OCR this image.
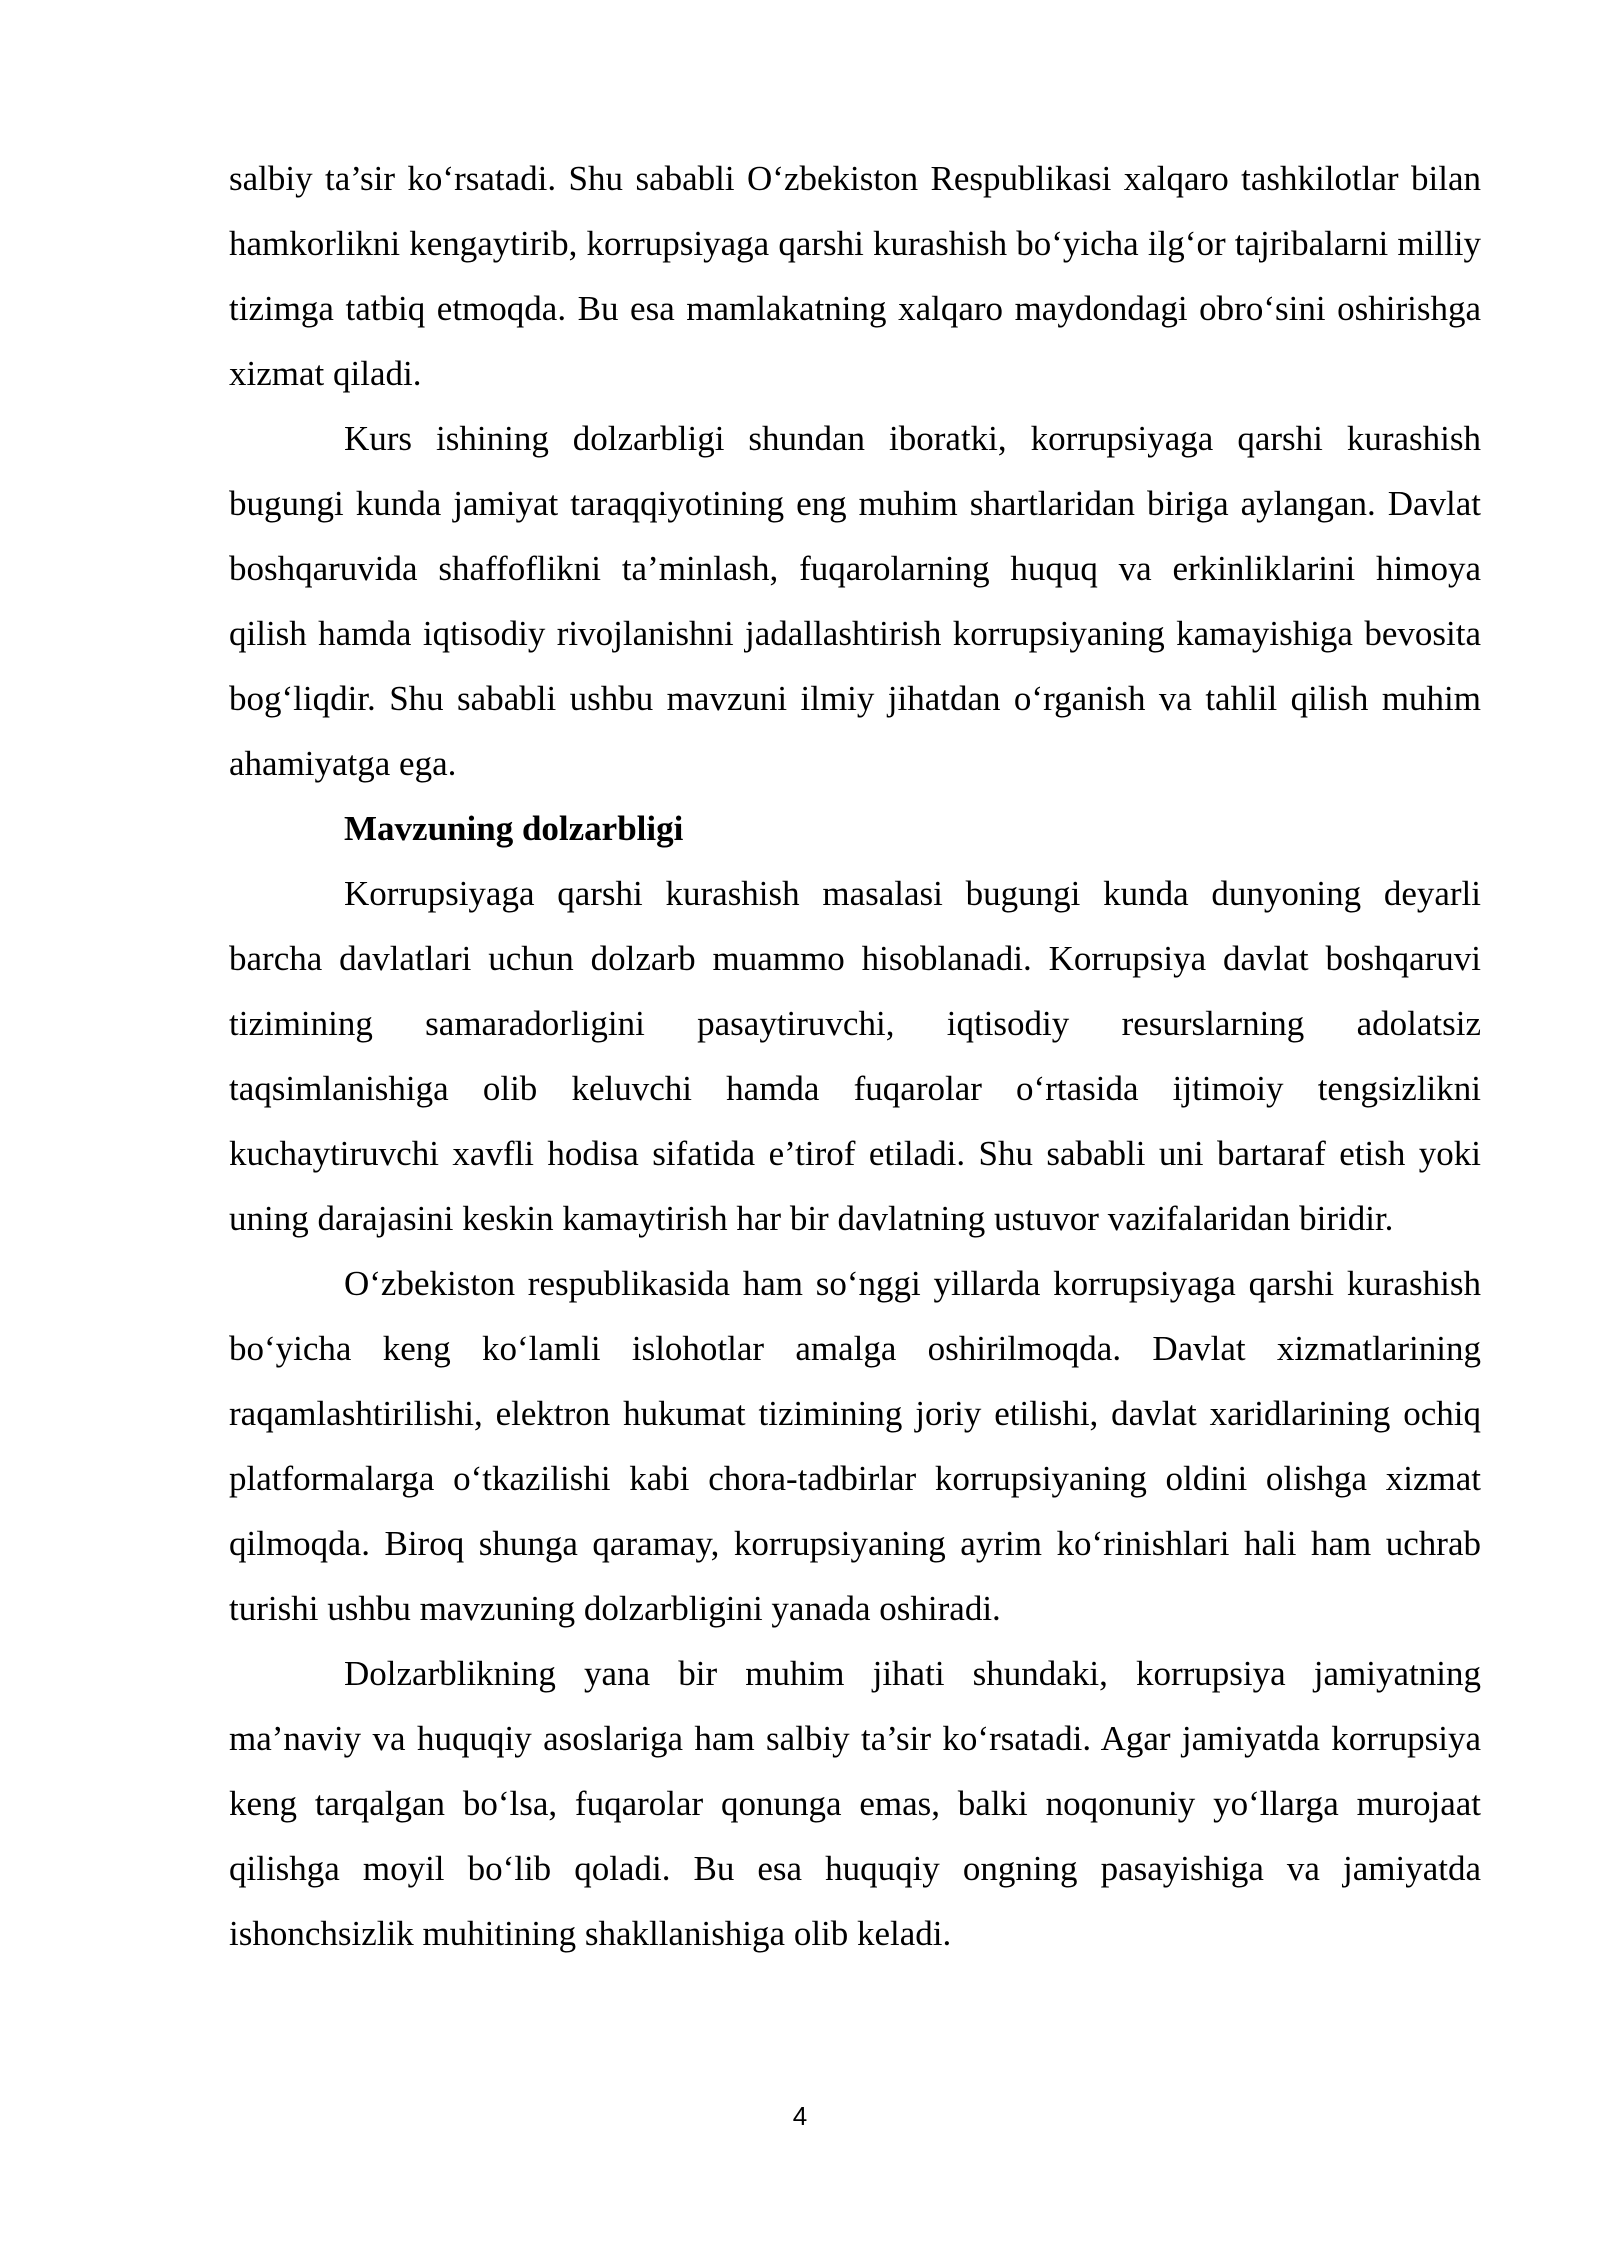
salbiy ta’sir ko‘rsatadi. Shu sababli O‘zbekiston Respublikasi xalqaro tashkilotlar bilan hamkorlikni kengaytirib, korrupsiyaga qarshi kurashish bo‘yicha ilg‘or tajribalarni milliy tizimga tatbiq etmoqda. Bu esa mamlakatning xalqaro maydondagi obro‘sini oshirishga xizmat qiladi.

Kurs ishining dolzarbligi shundan iboratki, korrupsiyaga qarshi kurashish bugungi kunda jamiyat taraqqiyotining eng muhim shartlaridan biriga aylangan. Davlat boshqaruvida shaffoflikni ta’minlash, fuqarolarning huquq va erkinliklarini himoya qilish hamda iqtisodiy rivojlanishni jadallashtirish korrupsiyaning kamayishiga bevosita bog‘liqdir. Shu sababli ushbu mavzuni ilmiy jihatdan o‘rganish va tahlil qilish muhim ahamiyatga ega.

Mavzuning dolzarbligi

Korrupsiyaga qarshi kurashish masalasi bugungi kunda dunyoning deyarli barcha davlatlari uchun dolzarb muammo hisoblanadi. Korrupsiya davlat boshqaruvi tizimining samaradorligini pasaytiruvchi, iqtisodiy resurslarning adolatsiz taqsimlanishiga olib keluvchi hamda fuqarolar o‘rtasida ijtimoiy tengsizlikni kuchaytiruvchi xavfli hodisa sifatida e’tirof etiladi. Shu sababli uni bartaraf etish yoki uning darajasini keskin kamaytirish har bir davlatning ustuvor vazifalaridan biridir.

O‘zbekiston respublikasida ham so‘nggi yillarda korrupsiyaga qarshi kurashish bo‘yicha keng ko‘lamli islohotlar amalga oshirilmoqda. Davlat xizmatlarining raqamlashtirilishi, elektron hukumat tizimining joriy etilishi, davlat xaridlarining ochiq platformalarga o‘tkazilishi kabi chora-tadbirlar korrupsiyaning oldini olishga xizmat qilmoqda. Biroq shunga qaramay, korrupsiyaning ayrim ko‘rinishlari hali ham uchrab turishi ushbu mavzuning dolzarbligini yanada oshiradi.

Dolzarblikning yana bir muhim jihati shundaki, korrupsiya jamiyatning ma’naviy va huquqiy asoslariga ham salbiy ta’sir ko‘rsatadi. Agar jamiyatda korrupsiya keng tarqalgan bo‘lsa, fuqarolar qonunga emas, balki noqonuniy yo‘llarga murojaat qilishga moyil bo‘lib qoladi. Bu esa huquqiy ongning pasayishiga va jamiyatda ishonchsizlik muhitining shakllanishiga olib keladi.

4
